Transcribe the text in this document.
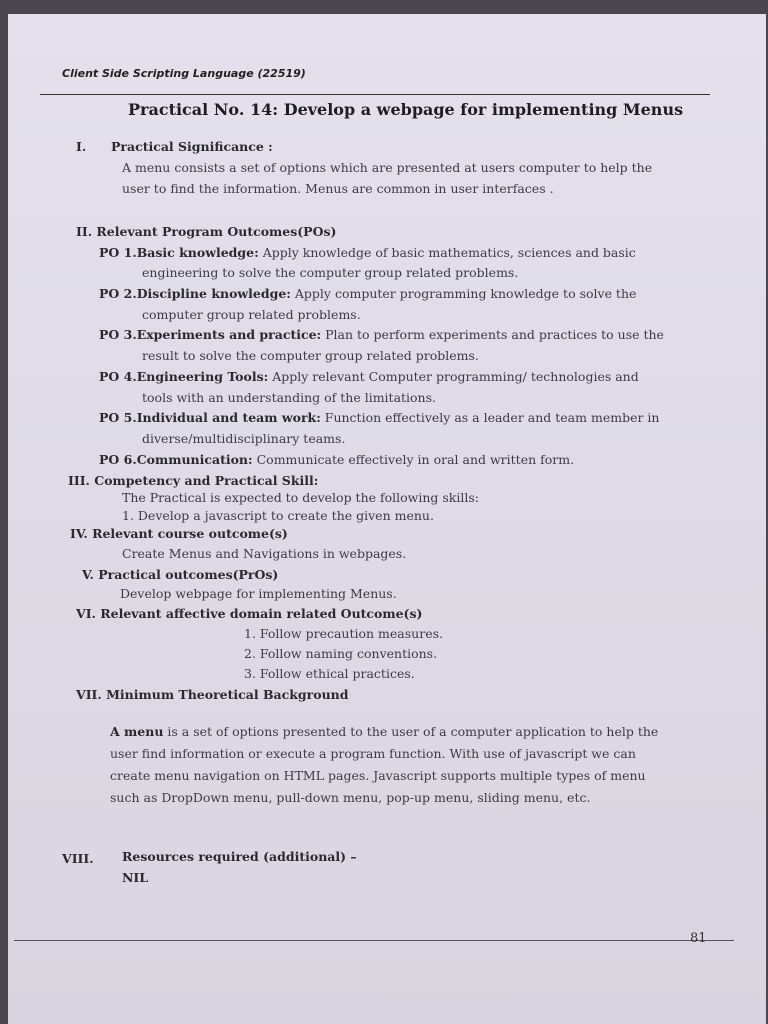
Client Side Scripting Language (22519)
Practical No. 14: Develop a webpage for implementing Menus
I. Practical Significance :
A menu consists a set of options which are presented at users computer to help the
user to find the information. Menus are common in user interfaces .
II. Relevant Program Outcomes(POs)
PO 1.Basic knowledge: Apply knowledge of basic mathematics, sciences and basic
engineering to solve the computer group related problems.
PO 2.Discipline knowledge: Apply computer programming knowledge to solve the
computer group related problems.
PO 3.Experiments and practice: Plan to perform experiments and practices to use the
result to solve the computer group related problems.
PO 4.Engineering Tools: Apply relevant Computer programming/ technologies and
tools with an understanding of the limitations.
PO 5.Individual and team work: Function effectively as a leader and team member in
diverse/multidisciplinary teams.
PO 6.Communication: Communicate effectively in oral and written form.
III. Competency and Practical Skill:
The Practical is expected to develop the following skills:
1. Develop a javascript to create the given menu.
IV. Relevant course outcome(s)
Create Menus and Navigations in webpages.
V. Practical outcomes(PrOs)
Develop webpage for implementing Menus.
VI. Relevant affective domain related Outcome(s)
1. Follow precaution measures.
2. Follow naming conventions.
3. Follow ethical practices.
VII. Minimum Theoretical Background
A menu is a set of options presented to the user of a computer application to help the
user find information or execute a program function. With use of javascript we can
create menu navigation on HTML pages. Javascript supports multiple types of menu
such as DropDown menu, pull-down menu, pop-up menu, sliding menu, etc.
VIII. Resources required (additional) –
NIL
81
